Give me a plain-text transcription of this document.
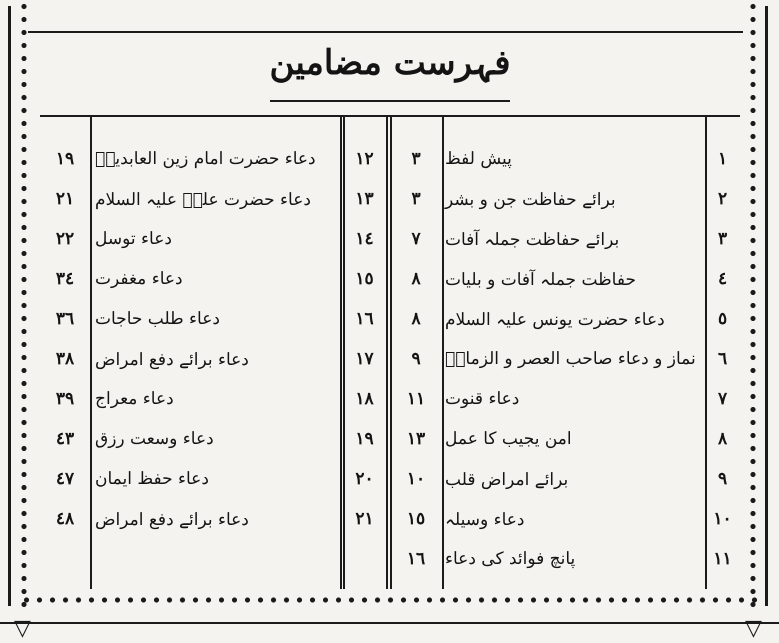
فہرست مضامین
١
پیش لفظ
٣
٢
برائے حفاظت جن و بشر
٣
٣
برائے حفاظت جملہ آفات
٧
٤
حفاظت جملہ آفات و بلیات
٨
٥
دعاء حضرت یونس علیہ السلام
٨
٦
نماز و دعاء صاحب العصر و الزمانؑ
٩
٧
دعاء قنوت
١١
٨
امن یجیب کا عمل
١٣
٩
برائے امراض قلب
١٠
١٠
دعاء وسیلہ
١٥
١١
پانچ فوائد کی دعاء
١٦
١٢
دعاء حضرت امام زین العابدینؑ
١٩
١٣
دعاء حضرت علیؑ علیہ السلام
٢١
١٤
دعاء توسل
٢٢
١٥
دعاء مغفرت
٣٤
١٦
دعاء طلب حاجات
٣٦
١٧
دعاء برائے دفع امراض
٣٨
١٨
دعاء معراج
٣٩
١٩
دعاء وسعت رزق
٤٣
٢٠
دعاء حفظ ایمان
٤٧
٢١
دعاء برائے دفع امراض
٤٨
▽	▽
